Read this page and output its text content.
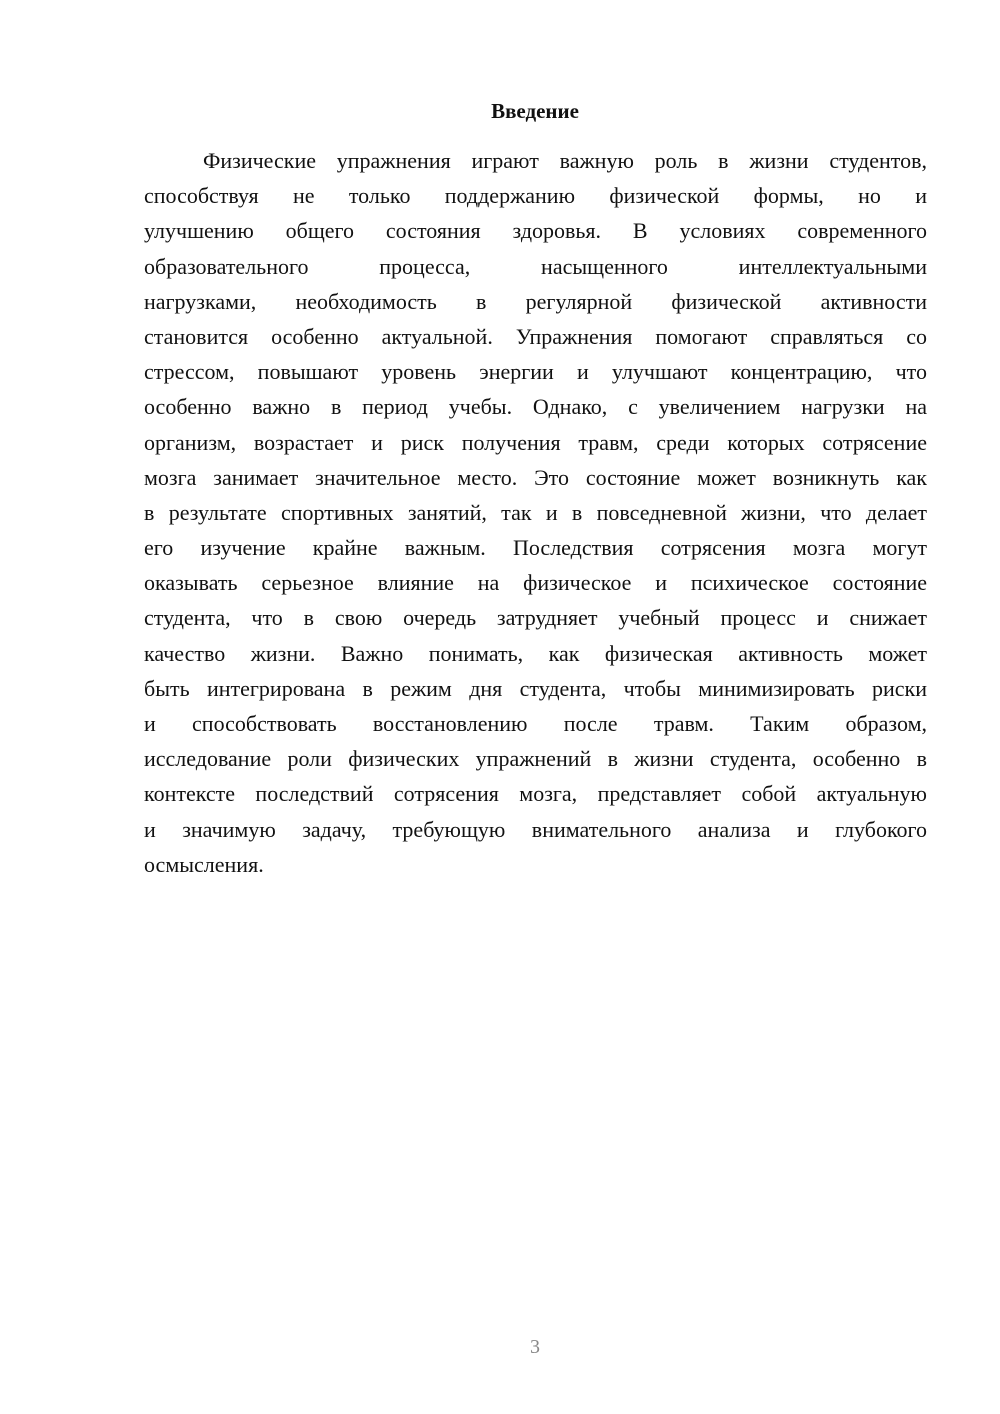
Введение
Физические упражнения играют важную роль в жизни студентов,
способствуя не только поддержанию физической формы, но и
улучшению общего состояния здоровья. В условиях современного
образовательного процесса, насыщенного интеллектуальными
нагрузками, необходимость в регулярной физической активности
становится особенно актуальной. Упражнения помогают справляться со
стрессом, повышают уровень энергии и улучшают концентрацию, что
особенно важно в период учебы. Однако, с увеличением нагрузки на
организм, возрастает и риск получения травм, среди которых сотрясение
мозга занимает значительное место. Это состояние может возникнуть как
в результате спортивных занятий, так и в повседневной жизни, что делает
его изучение крайне важным. Последствия сотрясения мозга могут
оказывать серьезное влияние на физическое и психическое состояние
студента, что в свою очередь затрудняет учебный процесс и снижает
качество жизни. Важно понимать, как физическая активность может
быть интегрирована в режим дня студента, чтобы минимизировать риски
и способствовать восстановлению после травм. Таким образом,
исследование роли физических упражнений в жизни студента, особенно в
контексте последствий сотрясения мозга, представляет собой актуальную
и значимую задачу, требующую внимательного анализа и глубокого
осмысления.
3
